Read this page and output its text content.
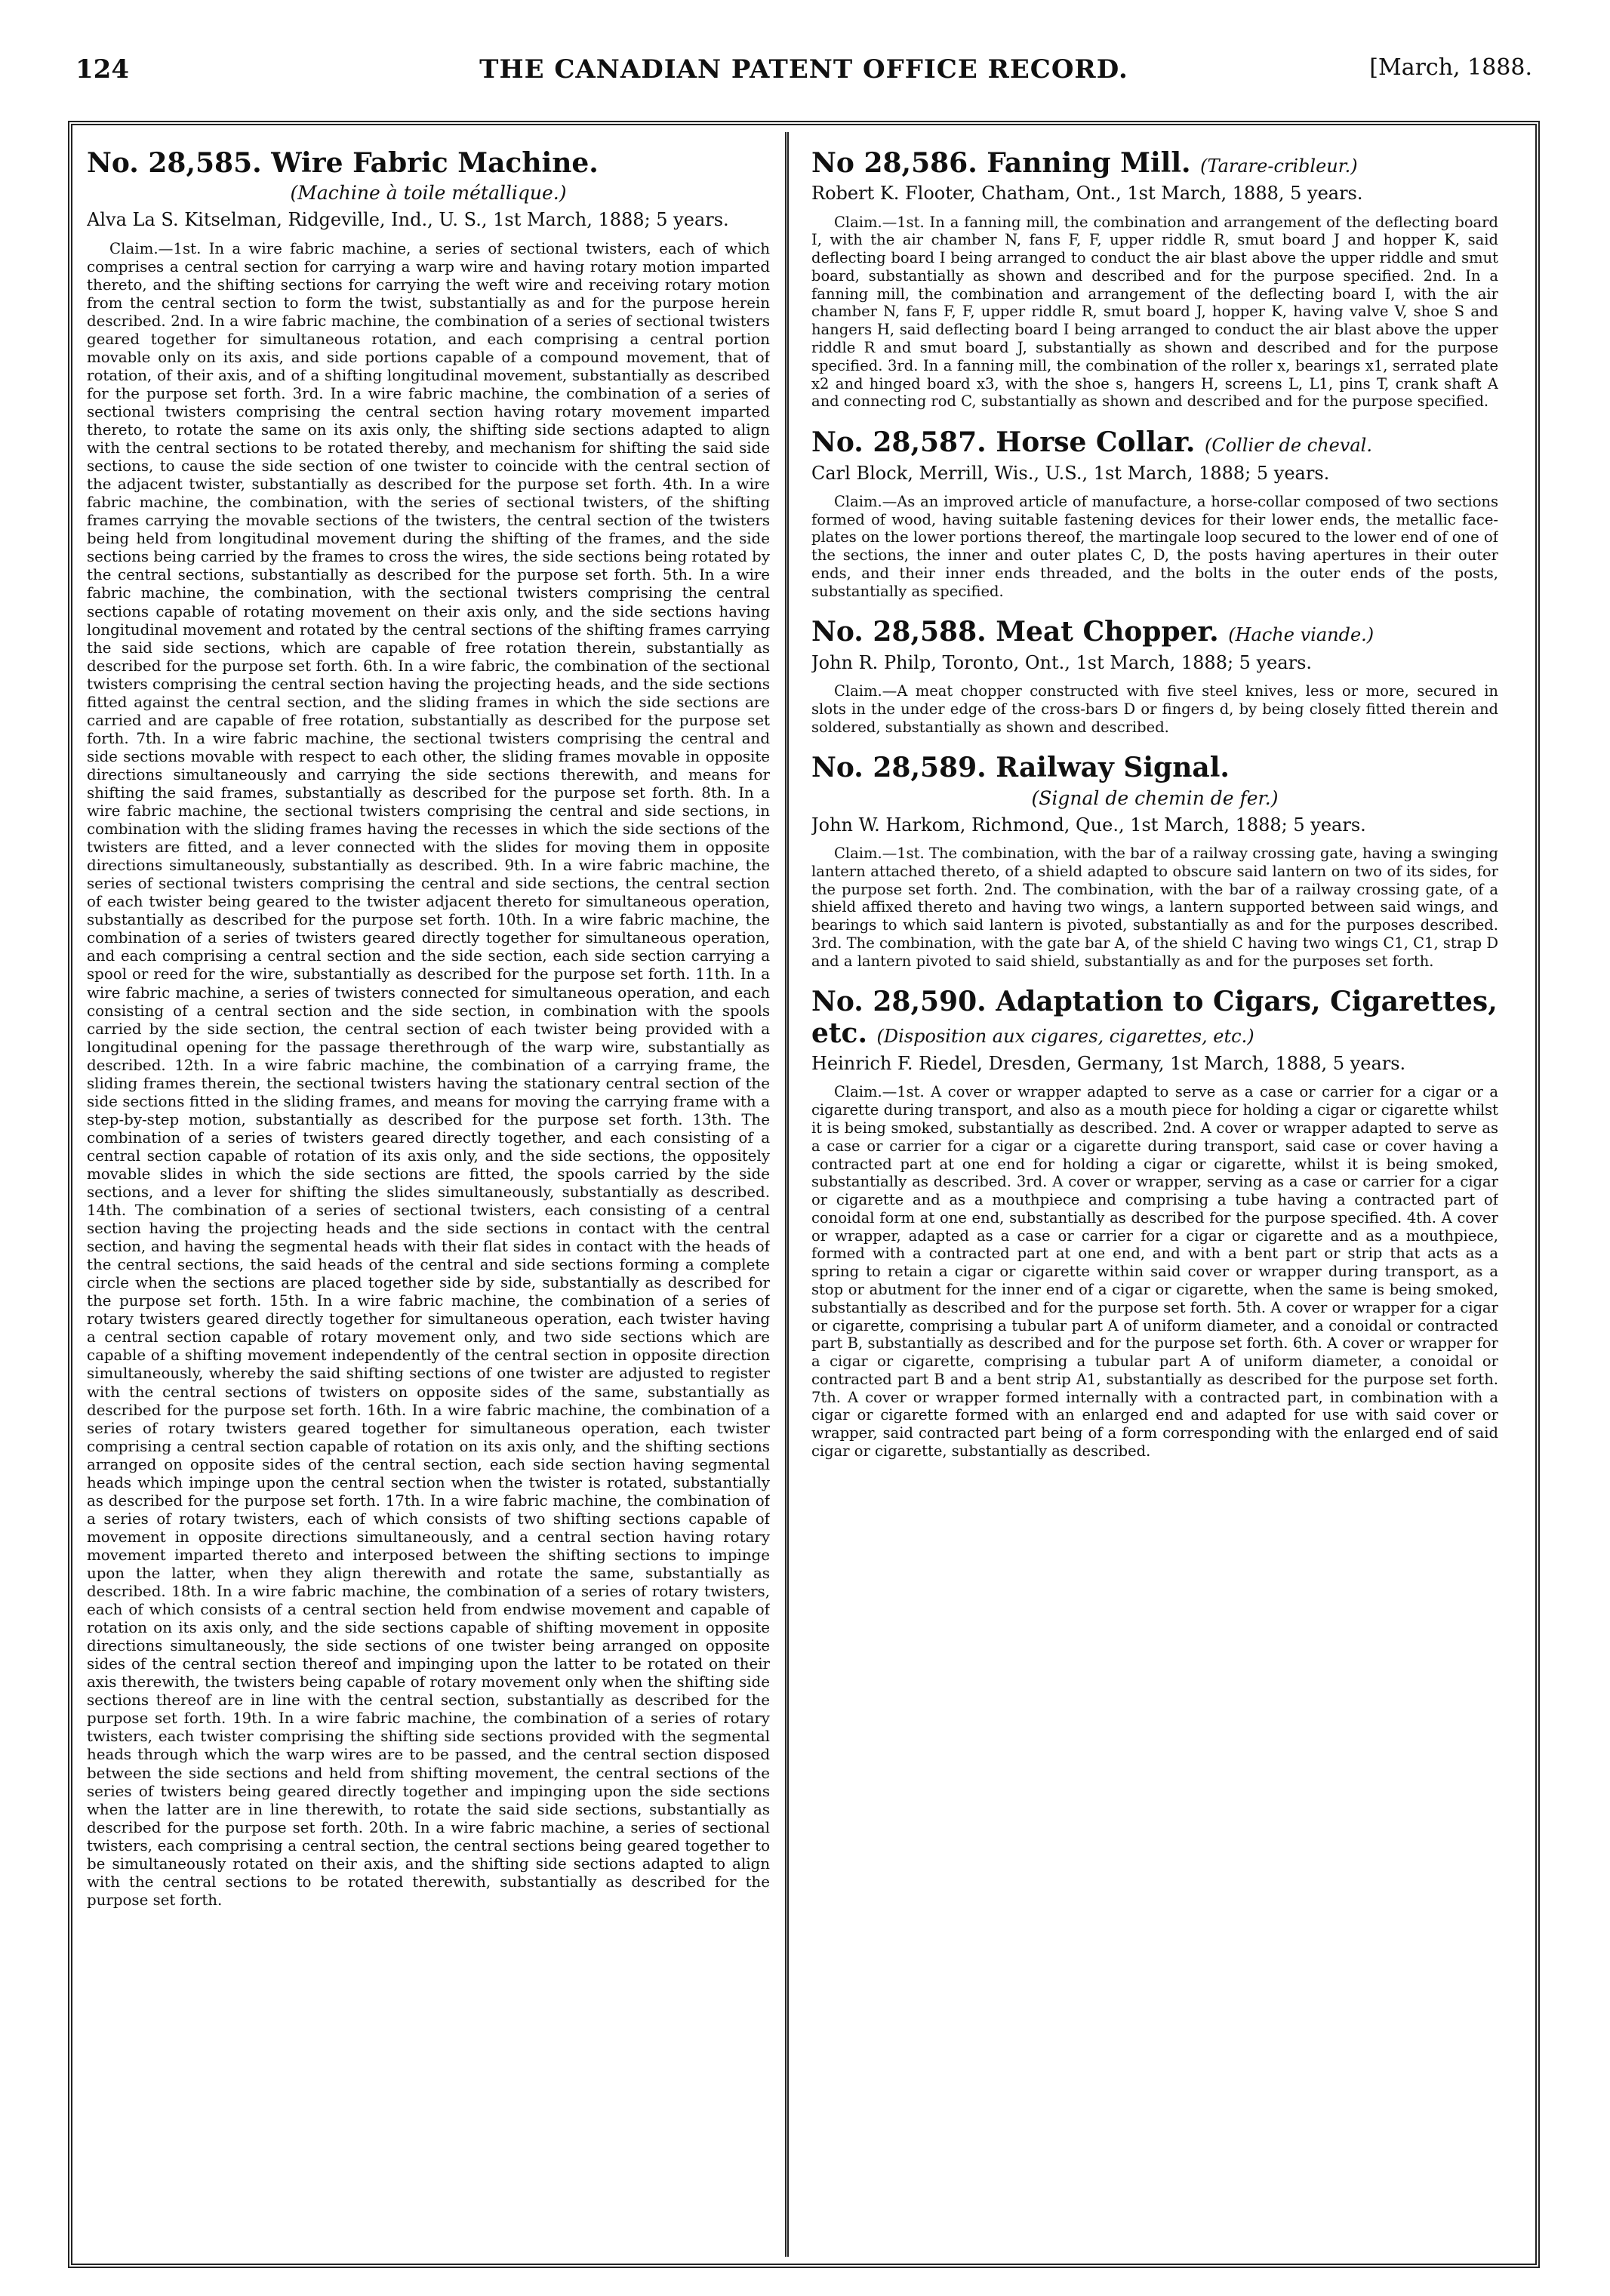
124	THE CANADIAN PATENT OFFICE RECORD.	[March, 1888.
No. 28,585. Wire Fabric Machine.
(Machine à toile métallique.)
Alva La S. Kitselman, Ridgeville, Ind., U. S., 1st March, 1888; 5 years.

Claim.—1st. In a wire fabric machine, a series of sectional twisters, each of which comprises a central section for carrying a warp wire and having rotary motion imparted thereto, and the shifting sections for carrying the weft wire and receiving rotary motion from the central section to form the twist, substantially as and for the purpose herein described. 2nd. In a wire fabric machine, the combination of a series of sectional twisters geared together for simultaneous rotation, and each comprising a central portion movable only on its axis, and side portions capable of a compound movement, that of rotation, of their axis, and of a shifting longitudinal movement, substantially as described for the purpose set forth. 3rd. In a wire fabric machine, the combination of a series of sectional twisters comprising the central section having rotary movement imparted thereto, to rotate the same on its axis only, the shifting side sections adapted to align with the central sections to be rotated thereby, and mechanism for shifting the said side sections, to cause the side section of one twister to coincide with the central section of the adjacent twister, substantially as described for the purpose set forth. 4th. In a wire fabric machine, the combination, with the series of sectional twisters, of the shifting frames carrying the movable sections of the twisters, the central section of the twisters being held from longitudinal movement during the shifting of the frames, and the side sections being carried by the frames to cross the wires, the side sections being rotated by the central sections, substantially as described for the purpose set forth. 5th. In a wire fabric machine, the combination, with the sectional twisters comprising the central sections capable of rotating movement on their axis only, and the side sections having longitudinal movement and rotated by the central sections of the shifting frames carrying the said side sections, which are capable of free rotation therein, substantially as described for the purpose set forth. 6th. In a wire fabric, the combination of the sectional twisters comprising the central section having the projecting heads, and the side sections fitted against the central section, and the sliding frames in which the side sections are carried and are capable of free rotation, substantially as described for the purpose set forth. 7th. In a wire fabric machine, the sectional twisters comprising the central and side sections movable with respect to each other, the sliding frames movable in opposite directions simultaneously and carrying the side sections therewith, and means for shifting the said frames, substantially as described for the purpose set forth. 8th. In a wire fabric machine, the sectional twisters comprising the central and side sections, in combination with the sliding frames having the recesses in which the side sections of the twisters are fitted, and a lever connected with the slides for moving them in opposite directions simultaneously, substantially as described. 9th. In a wire fabric machine, the series of sectional twisters comprising the central and side sections, the central section of each twister being geared to the twister adjacent thereto for simultaneous operation, substantially as described for the purpose set forth. 10th. In a wire fabric machine, the combination of a series of twisters geared directly together for simultaneous operation, and each comprising a central section and the side section, each side section carrying a spool or reed for the wire, substantially as described for the purpose set forth. 11th. In a wire fabric machine, a series of twisters connected for simultaneous operation, and each consisting of a central section and the side section, in combination with the spools carried by the side section, the central section of each twister being provided with a longitudinal opening for the passage therethrough of the warp wire, substantially as described. 12th. In a wire fabric machine, the combination of a carrying frame, the sliding frames therein, the sectional twisters having the stationary central section of the side sections fitted in the sliding frames, and means for moving the carrying frame with a step-by-step motion, substantially as described for the purpose set forth. 13th. The combination of a series of twisters geared directly together, and each consisting of a central section capable of rotation of its axis only, and the side sections, the oppositely movable slides in which the side sections are fitted, the spools carried by the side sections, and a lever for shifting the slides simultaneously, substantially as described. 14th. The combination of a series of sectional twisters, each consisting of a central section having the projecting heads and the side sections in contact with the central section, and having the segmental heads with their flat sides in contact with the heads of the central sections, the said heads of the central and side sections forming a complete circle when the sections are placed together side by side, substantially as described for the purpose set forth. 15th. In a wire fabric machine, the combination of a series of rotary twisters geared directly together for simultaneous operation, each twister having a central section capable of rotary movement only, and two side sections which are capable of a shifting movement independently of the central section in opposite direction simultaneously, whereby the said shifting sections of one twister are adjusted to register with the central sections of twisters on opposite sides of the same, substantially as described for the purpose set forth. 16th. In a wire fabric machine, the combination of a series of rotary twisters geared together for simultaneous operation, each twister comprising a central section capable of rotation on its axis only, and the shifting sections arranged on opposite sides of the central section, each side section having segmental heads which impinge upon the central section when the twister is rotated, substantially as described for the purpose set forth. 17th. In a wire fabric machine, the combination of a series of rotary twisters, each of which consists of two shifting sections capable of movement in opposite directions simultaneously, and a central section having rotary movement imparted thereto and interposed between the shifting sections to impinge upon the latter, when they align therewith and rotate the same, substantially as described. 18th. In a wire fabric machine, the combination of a series of rotary twisters, each of which consists of a central section held from endwise movement and capable of rotation on its axis only, and the side sections capable of shifting movement in opposite directions simultaneously, the side sections of one twister being arranged on opposite sides of the central section thereof and impinging upon the latter to be rotated on their axis therewith, the twisters being capable of rotary movement only when the shifting side sections thereof are in line with the central section, substantially as described for the purpose set forth. 19th. In a wire fabric machine, the combination of a series of rotary twisters, each twister comprising the shifting side sections provided with the segmental heads through which the warp wires are to be passed, and the central section disposed between the side sections and held from shifting movement, the central sections of the series of twisters being geared directly together and impinging upon the side sections when the latter are in line therewith, to rotate the said side sections, substantially as described for the purpose set forth. 20th. In a wire fabric machine, a series of sectional twisters, each comprising a central section, the central sections being geared together to be simultaneously rotated on their axis, and the shifting side sections adapted to align with the central sections to be rotated therewith, substantially as described for the purpose set forth.

No 28,586. Fanning Mill. (Tarare-cribleur.)
Robert K. Flooter, Chatham, Ont., 1st March, 1888, 5 years.

Claim.—1st. In a fanning mill, the combination and arrangement of the deflecting board I, with the air chamber N, fans F, F, upper riddle R, smut board J and hopper K, said deflecting board I being arranged to conduct the air blast above the upper riddle and smut board, substantially as shown and described and for the purpose specified. 2nd. In a fanning mill, the combination and arrangement of the deflecting board I, with the air chamber N, fans F, F, upper riddle R, smut board J, hopper K, having valve V, shoe S and hangers H, said deflecting board I being arranged to conduct the air blast above the upper riddle R and smut board J, substantially as shown and described and for the purpose specified. 3rd. In a fanning mill, the combination of the roller x, bearings x1, serrated plate x2 and hinged board x3, with the shoe s, hangers H, screens L, L1, pins T, crank shaft A and connecting rod C, substantially as shown and described and for the purpose specified.

No. 28,587. Horse Collar. (Collier de cheval.
Carl Block, Merrill, Wis., U.S., 1st March, 1888; 5 years.

Claim.—As an improved article of manufacture, a horse-collar composed of two sections formed of wood, having suitable fastening devices for their lower ends, the metallic face-plates on the lower portions thereof, the martingale loop secured to the lower end of one of the sections, the inner and outer plates C, D, the posts having apertures in their outer ends, and their inner ends threaded, and the bolts in the outer ends of the posts, substantially as specified.

No. 28,588. Meat Chopper. (Hache viande.)
John R. Philp, Toronto, Ont., 1st March, 1888; 5 years.

Claim.—A meat chopper constructed with five steel knives, less or more, secured in slots in the under edge of the cross-bars D or fingers d, by being closely fitted therein and soldered, substantially as shown and described.

No. 28,589. Railway Signal.
(Signal de chemin de fer.)
John W. Harkom, Richmond, Que., 1st March, 1888; 5 years.

Claim.—1st. The combination, with the bar of a railway crossing gate, having a swinging lantern attached thereto, of a shield adapted to obscure said lantern on two of its sides, for the purpose set forth. 2nd. The combination, with the bar of a railway crossing gate, of a shield affixed thereto and having two wings, a lantern supported between said wings, and bearings to which said lantern is pivoted, substantially as and for the purposes described. 3rd. The combination, with the gate bar A, of the shield C having two wings C1, C1, strap D and a lantern pivoted to said shield, substantially as and for the purposes set forth.

No. 28,590. Adaptation to Cigars, Cigarettes, etc. (Disposition aux cigares, cigarettes, etc.)
Heinrich F. Riedel, Dresden, Germany, 1st March, 1888, 5 years.

Claim.—1st. A cover or wrapper adapted to serve as a case or carrier for a cigar or a cigarette during transport, and also as a mouth piece for holding a cigar or cigarette whilst it is being smoked, substantially as described. 2nd. A cover or wrapper adapted to serve as a case or carrier for a cigar or a cigarette during transport, said case or cover having a contracted part at one end for holding a cigar or cigarette, whilst it is being smoked, substantially as described. 3rd. A cover or wrapper, serving as a case or carrier for a cigar or cigarette and as a mouthpiece and comprising a tube having a contracted part of conoidal form at one end, substantially as described for the purpose specified. 4th. A cover or wrapper, adapted as a case or carrier for a cigar or cigarette and as a mouthpiece, formed with a contracted part at one end, and with a bent part or strip that acts as a spring to retain a cigar or cigarette within said cover or wrapper during transport, as a stop or abutment for the inner end of a cigar or cigarette, when the same is being smoked, substantially as described and for the purpose set forth. 5th. A cover or wrapper for a cigar or cigarette, comprising a tubular part A of uniform diameter, and a conoidal or contracted part B, substantially as described and for the purpose set forth. 6th. A cover or wrapper for a cigar or cigarette, comprising a tubular part A of uniform diameter, a conoidal or contracted part B and a bent strip A1, substantially as described for the purpose set forth. 7th. A cover or wrapper formed internally with a contracted part, in combination with a cigar or cigarette formed with an enlarged end and adapted for use with said cover or wrapper, said contracted part being of a form corresponding with the enlarged end of said cigar or cigarette, substantially as described.
